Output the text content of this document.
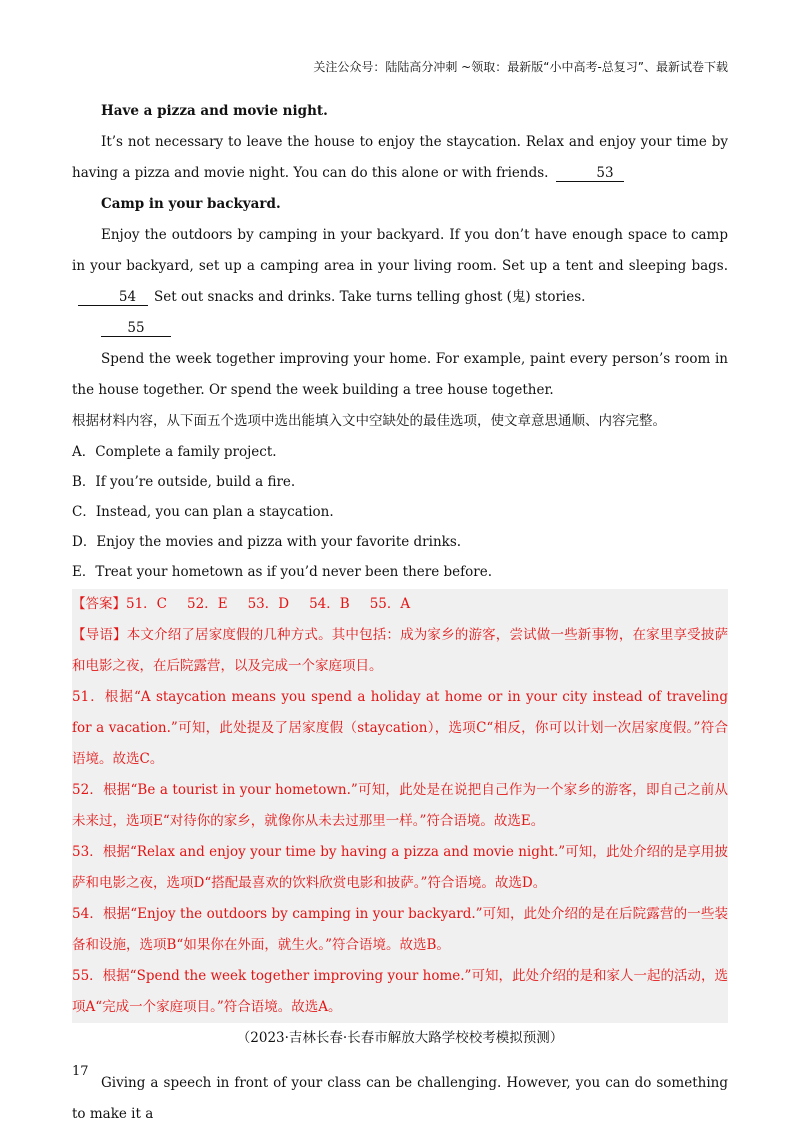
关注公众号：陆陆高分冲刺 ~领取：最新版“小中高考-总复习”、最新试卷下载

Have a pizza and movie night.

It’s not necessary to leave the house to enjoy the staycation. Relax and enjoy your time by having a pizza and movie night. You can do this alone or with friends.	53

Camp in your backyard.

Enjoy the outdoors by camping in your backyard. If you don’t have enough space to camp in your backyard, set up a camping area in your living room. Set up a tent and sleeping bags.54 Set out snacks and drinks. Take turns telling ghost (鬼) stories.

55

Spend the week together improving your home. For example, paint every person’s room in the house together. Or spend the week building a tree house together.

根据材料内容，从下面五个选项中选出能填入文中空缺处的最佳选项，使文章意思通顺、内容完整。

A．Complete a family project.

B．If you’re outside, build a fire.

C．Instead, you can plan a staycation.

D．Enjoy the movies and pizza with your favorite drinks.

E．Treat your hometown as if you’d never been there before.

【答案】51．C 52．E 53．D 54．B 55．A

【导语】本文介绍了居家度假的几种方式。其中包括：成为家乡的游客，尝试做一些新事物，在家里享受披萨和电影之夜，在后院露营，以及完成一个家庭项目。

51．根据“A staycation means you spend a holiday at home or in your city instead of traveling for a vacation.”可知，此处提及了居家度假（staycation），选项C“相反，你可以计划一次居家度假。”符合语境。故选C。

52．根据“Be a tourist in your hometown.”可知，此处是在说把自己作为一个家乡的游客，即自己之前从未来过，选项E“对待你的家乡，就像你从未去过那里一样。”符合语境。故选E。

53．根据“Relax and enjoy your time by having a pizza and movie night.”可知，此处介绍的是享用披萨和电影之夜，选项D“搭配最喜欢的饮料欣赏电影和披萨。”符合语境。故选D。

54．根据“Enjoy the outdoors by camping in your backyard.”可知，此处介绍的是在后院露营的一些装备和设施，选项B“如果你在外面，就生火。”符合语境。故选B。

55．根据“Spend the week together improving your home.”可知，此处介绍的是和家人一起的活动，选项A“完成一个家庭项目。”符合语境。故选A。

（2023·吉林长春·长春市解放大路学校校考模拟预测）

Giving a speech in front of your class can be challenging. However, you can do something to make it a

17
